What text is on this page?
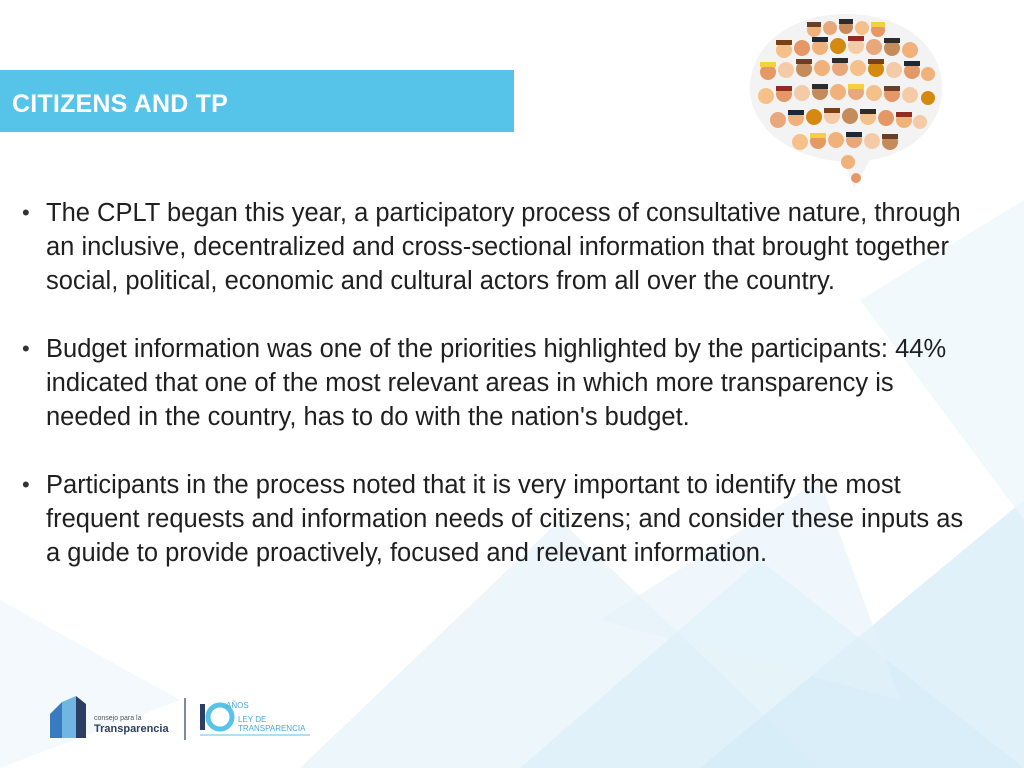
CITIZENS AND TP
• The CPLT began this year, a participatory process of consultative nature, through an inclusive, decentralized and cross-sectional information that brought together social, political, economic and cultural actors from all over the country.
• Budget information was one of the priorities highlighted by the participants: 44% indicated that one of the most relevant areas in which more transparency is needed in the country, has to do with the nation's budget.
• Participants in the process noted that it is very important to identify the most frequent requests and information needs of citizens; and consider these inputs as a guide to provide proactively, focused and relevant information.
consejo para la
Transparencia
AÑOS
LEY DE
TRANSPARENCIA
